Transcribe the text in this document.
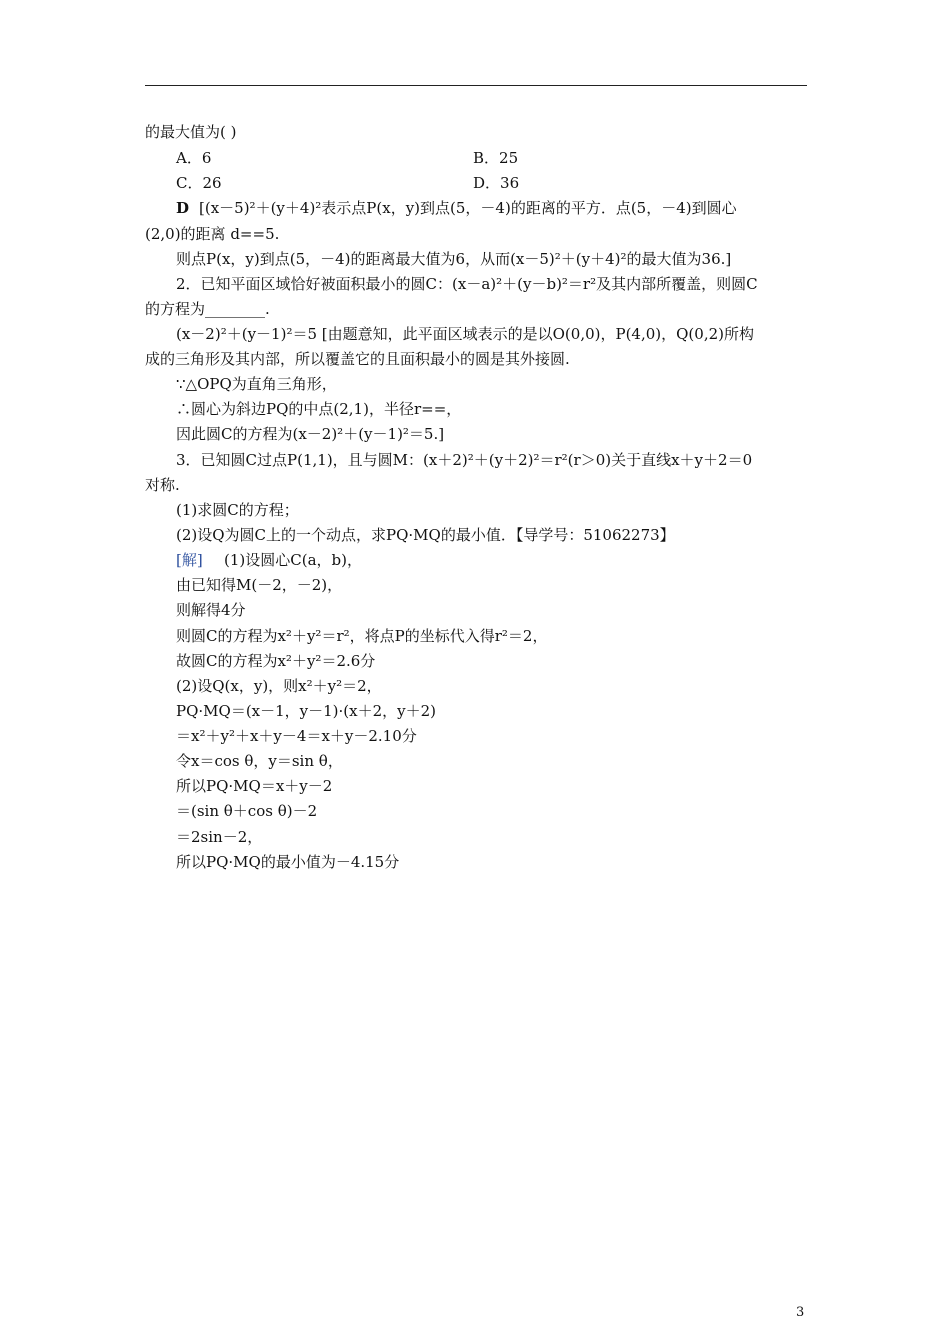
的最大值为( )
A．6	B．25
C．26	D．36
D [(x－5)²＋(y＋4)²表示点P(x，y)到点(5，－4)的距离的平方．点(5，－4)到圆心
(2,0)的距离 d==5.
则点P(x，y)到点(5，－4)的距离最大值为6，从而(x－5)²＋(y＋4)²的最大值为36.]
2．已知平面区域恰好被面积最小的圆C：(x－a)²＋(y－b)²＝r²及其内部所覆盖，则圆C
的方程为________.
(x－2)²＋(y－1)²＝5 [由题意知，此平面区域表示的是以O(0,0)，P(4,0)，Q(0,2)所构
成的三角形及其内部，所以覆盖它的且面积最小的圆是其外接圆.
∵△OPQ为直角三角形，
∴圆心为斜边PQ的中点(2,1)，半径r==，
因此圆C的方程为(x－2)²＋(y－1)²＝5.]
3．已知圆C过点P(1,1)，且与圆M：(x＋2)²＋(y＋2)²＝r²(r＞0)关于直线x＋y＋2＝0
对称.
(1)求圆C的方程；
(2)设Q为圆C上的一个动点，求PQ·MQ的最小值．【导学号：51062273】
[解] (1)设圆心C(a，b)，
由已知得M(－2，－2)，
则解得4分
则圆C的方程为x²＋y²＝r²，将点P的坐标代入得r²＝2，
故圆C的方程为x²＋y²＝2.6分
(2)设Q(x，y)，则x²＋y²＝2，
PQ·MQ＝(x－1，y－1)·(x＋2，y＋2)
＝x²＋y²＋x＋y－4＝x＋y－2.10分
令x＝cos θ，y＝sin θ，
所以PQ·MQ＝x＋y－2
＝(sin θ＋cos θ)－2
＝2sin－2，
所以PQ·MQ的最小值为－4.15分
3
